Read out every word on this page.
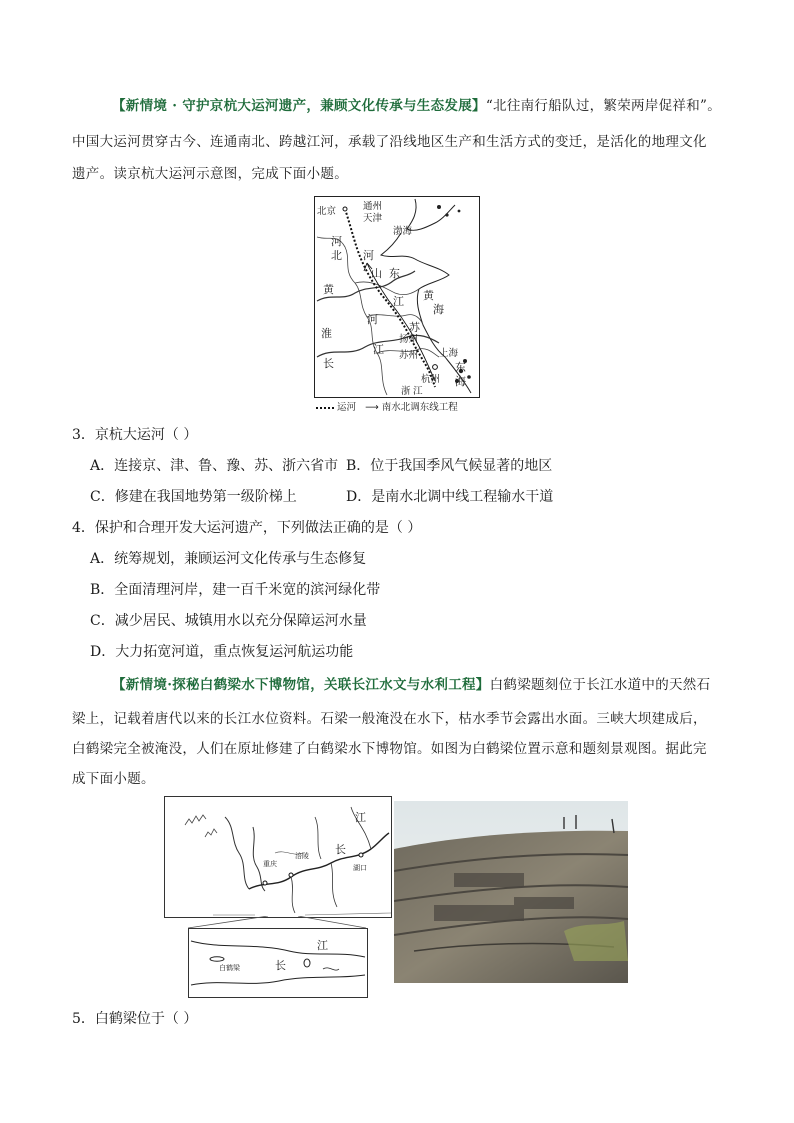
【新情境 · 守护京杭大运河遗产，兼顾文化传承与生态发展】“北往南行船队过，繁荣两岸促祥和”。
中国大运河贯穿古今、连通南北、跨越江河，承载了沿线地区生产和生活方式的变迁，是活化的地理文化
遗产。读京杭大运河示意图，完成下面小题。
北京	通州
天津
渤海
河
北 河
山 东
黄	黄
海
江
河
苏
扬州
淮
江 苏州 上海
长	东
海
杭州
浙 江
运河 ⟶ 南水北调东线工程
3．京杭大运河（ ）
A．连接京、津、鲁、豫、苏、浙六省市 B．位于我国季风气候显著的地区
C．修建在我国地势第一级阶梯上	D．是南水北调中线工程输水干道
4．保护和合理开发大运河遗产，下列做法正确的是（ ）
A．统筹规划，兼顾运河文化传承与生态修复
B．全面清理河岸，建一百千米宽的滨河绿化带
C．减少居民、城镇用水以充分保障运河水量
D．大力拓宽河道，重点恢复运河航运功能
【新情境·探秘白鹤梁水下博物馆，关联长江水文与水利工程】白鹤梁题刻位于长江水道中的天然石
梁上，记载着唐代以来的长江水位资料。石梁一般淹没在水下，枯水季节会露出水面。三峡大坝建成后，
白鹤梁完全被淹没，人们在原址修建了白鹤梁水下博物馆。如图为白鹤梁位置示意和题刻景观图。据此完
成下面小题。
江
重庆
涪陵 长
湖口
江
白鹤梁	长
5．白鹤梁位于（ ）
